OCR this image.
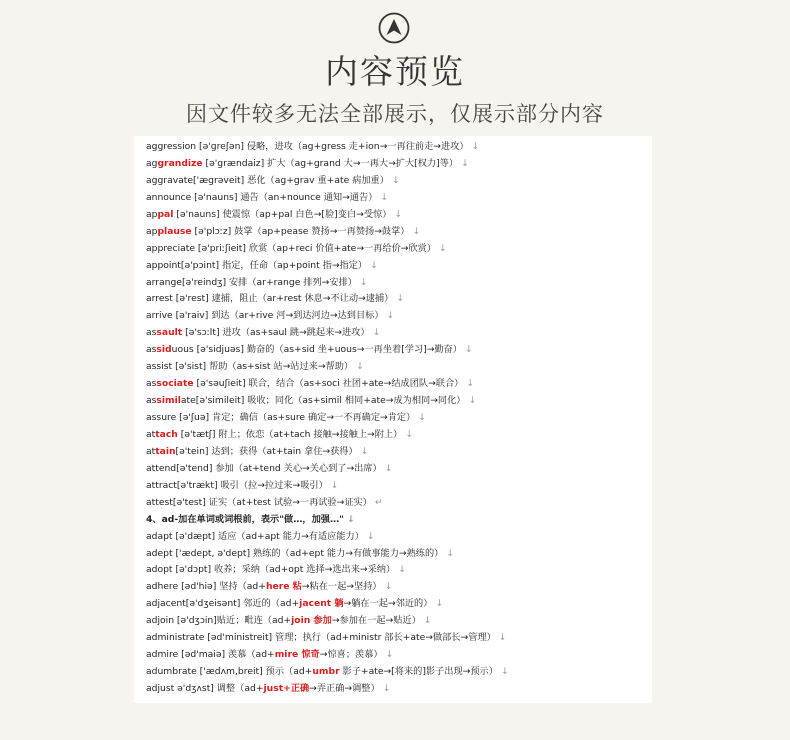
内容预览
因文件较多无法全部展示，仅展示部分内容
aggression [ə'greʃən] 侵略，进攻（ag+gress 走+ion→一再往前走→进攻） ↓
aggrandize [ə'grændaiz] 扩大（ag+grand 大→一再大→扩大[权力]等） ↓
aggravate['ægrəveit] 恶化（ag+grav 重+ate 病加重） ↓
announce [ə'nauns] 通告（an+nounce 通知→通告） ↓
appal [ə'nauns] 使震惊（ap+pal 白色→[脸]变白→受惊） ↓
applause [ə'plɔːz] 鼓掌（ap+pease 赞扬→一再赞扬→鼓掌） ↓
appreciate [ə'priːʃieit] 欣赏（ap+reci 价值+ate→一再给价→欣赏） ↓
appoint[ə'pɔint] 指定，任命（ap+point 指→指定） ↓
arrange[ə'reindʒ] 安排（ar+range 排列→安排） ↓
arrest [ə'rest] 逮捕，阻止（ar+rest 休息→不让动→逮捕） ↓
arrive [ə'raiv] 到达（ar+rive 河→到达河边→达到目标） ↓
assault [ə'sɔːlt] 进攻（as+saul 跳→跳起来→进攻） ↓
assiduous [ə'sidjuəs] 勤奋的（as+sid 坐+uous→一再坐着[学习]→勤奋） ↓
assist [ə'sist] 帮助（as+sist 站→站过来→帮助） ↓
associate [ə'səuʃieit] 联合，结合（as+soci 社团+ate→结成团队→联合） ↓
assimilate[ə'simileit] 吸收；同化（as+simil 相同+ate→成为相同→同化） ↓
assure [ə'ʃuə] 肯定；确信（as+sure 确定→一不再确定→肯定） ↓
attach [ə'tætʃ] 附上；依恋（at+tach 接触→接触上→附上） ↓
attain[ə'tein] 达到；获得（at+tain 拿住→获得） ↓
attend[ə'tend] 参加（at+tend 关心→关心到了→出席） ↓
attract[ə'trækt] 吸引（拉→拉过来→吸引） ↓
attest[ə'test] 证实（at+test 试验→一再试验→证实） ↵
4、ad-加在单词或词根前，表示"做…，加强…" ↓
adapt [ə'dæpt] 适应（ad+apt 能力→有适应能力） ↓
adept ['ædept, ə'dept] 熟练的（ad+ept 能力→有做事能力→熟练的） ↓
adopt [ə'dɔpt] 收养；采纳（ad+opt 选择→选出来→采纳） ↓
adhere [əd'hiə] 坚持（ad+here 粘→粘在一起→坚持） ↓
adjacent[ə'dʒeisənt] 邻近的（ad+jacent 躺→躺在一起→邻近的） ↓
adjoin [ə'dʒɔin]贴近；毗连（ad+join 参加→参加在一起→贴近） ↓
administrate [əd'ministreit] 管理；执行（ad+ministr 部长+ate→做部长→管理） ↓
admire [əd'maiə] 羡慕（ad+mire 惊奇→惊喜；羡慕） ↓
adumbrate ['ædʌm,breit] 预示（ad+umbr 影子+ate→[将来的]影子出现→预示） ↓
adjust ə'dʒʌst] 调整（ad+just+正确→弄正确→调整） ↓
